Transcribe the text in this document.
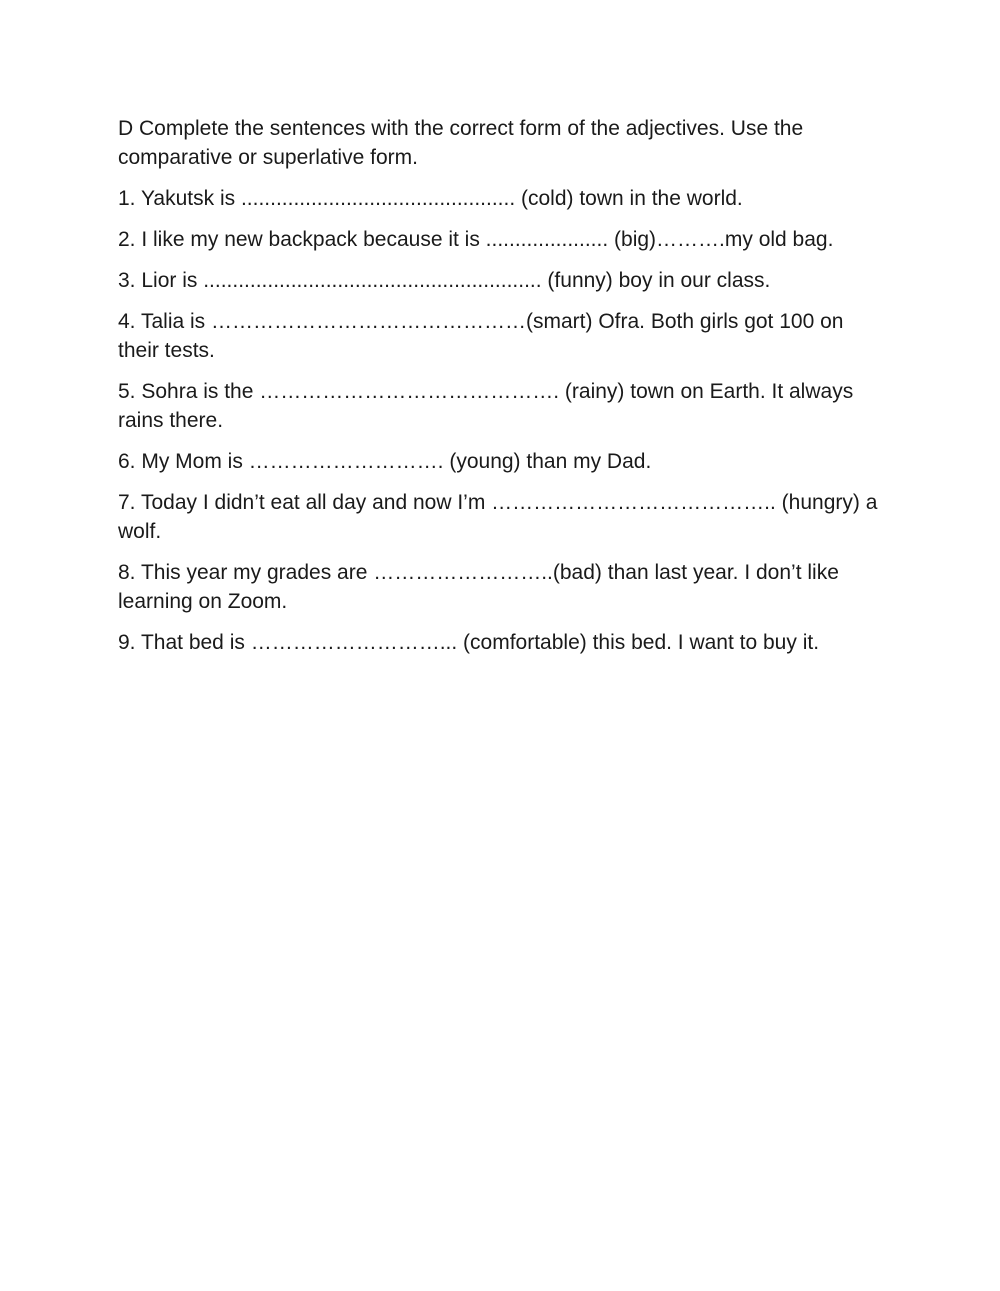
D Complete the sentences with the correct form of the adjectives. Use the comparative or superlative form.

1. Yakutsk is ............................................... (cold) town in the world.

2. I like my new backpack because it is ..................... (big)……….my old bag.

3. Lior is .......................................................... (funny) boy in our class.

4. Talia is ………………………………………(smart) Ofra. Both girls got 100 on their tests.

5. Sohra is the ……………………………………. (rainy) town on Earth. It always rains there.

6. My Mom is ………………………. (young) than my Dad.

7. Today I didn’t eat all day and now I’m ………………………………….. (hungry) a wolf.

8. This year my grades are ……………………..(bad) than last year. I don’t like learning on Zoom.

9. That bed is ………………………... (comfortable) this bed. I want to buy it.
